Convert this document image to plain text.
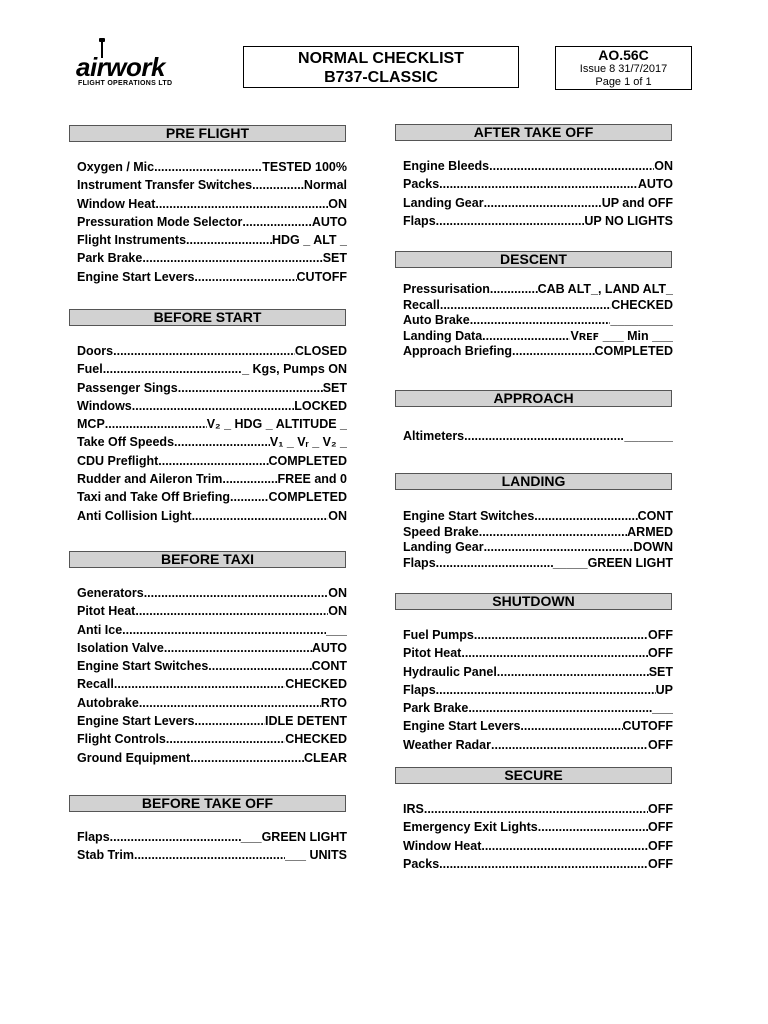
airwork
FLIGHT OPERATIONS LTD
NORMAL CHECKLIST
B737-CLASSIC
AO.56C
Issue 8 31/7/2017
Page 1 of 1
PRE FLIGHT
Oxygen / Mic .....	TESTED 100%
Instrument Transfer Switches .....	Normal
Window Heat .....	ON
Pressuration Mode Selector .....	AUTO
Flight Instruments .....	HDG _ ALT _
Park Brake .....	SET
Engine Start Levers .....	CUTOFF
BEFORE START
Doors .....	CLOSED
Fuel .....	_ Kgs, Pumps ON
Passenger Sings .....	SET
Windows .....	LOCKED
MCP .....	V₂ _ HDG _ ALTITUDE _
Take Off Speeds .....	V₁ _ Vᵣ _ V₂ _
CDU Preflight .....	COMPLETED
Rudder and Aileron Trim .....	FREE and 0
Taxi and Take Off Briefing .....	COMPLETED
Anti Collision Light .....	ON
BEFORE TAXI
Generators .....	ON
Pitot Heat .....	ON
Anti Ice .....	___
Isolation Valve .....	AUTO
Engine Start Switches .....	CONT
Recall .....	CHECKED
Autobrake .....	RTO
Engine Start Levers .....	IDLE DETENT
Flight Controls .....	CHECKED
Ground Equipment .....	CLEAR
BEFORE TAKE OFF
Flaps .....	___GREEN LIGHT
Stab Trim .....	___ UNITS
AFTER TAKE OFF
Engine Bleeds .....	ON
Packs .....	AUTO
Landing Gear .....	UP and OFF
Flaps .....	UP NO LIGHTS
DESCENT
Pressurisation .....	CAB ALT_, LAND ALT_
Recall .....	CHECKED
Auto Brake .....	_________
Landing Data .....	Vʀᴇꜰ ___ Min ___
Approach Briefing .....	COMPLETED
APPROACH
Altimeters .....	_______
LANDING
Engine Start Switches .....	CONT
Speed Brake .....	ARMED
Landing Gear .....	DOWN
Flaps .....	_____GREEN LIGHT
SHUTDOWN
Fuel Pumps .....	OFF
Pitot Heat .....	OFF
Hydraulic Panel .....	SET
Flaps .....	UP
Park Brake .....	___
Engine Start Levers .....	CUTOFF
Weather Radar .....	OFF
SECURE
IRS .....	OFF
Emergency Exit Lights .....	OFF
Window Heat .....	OFF
Packs .....	OFF
